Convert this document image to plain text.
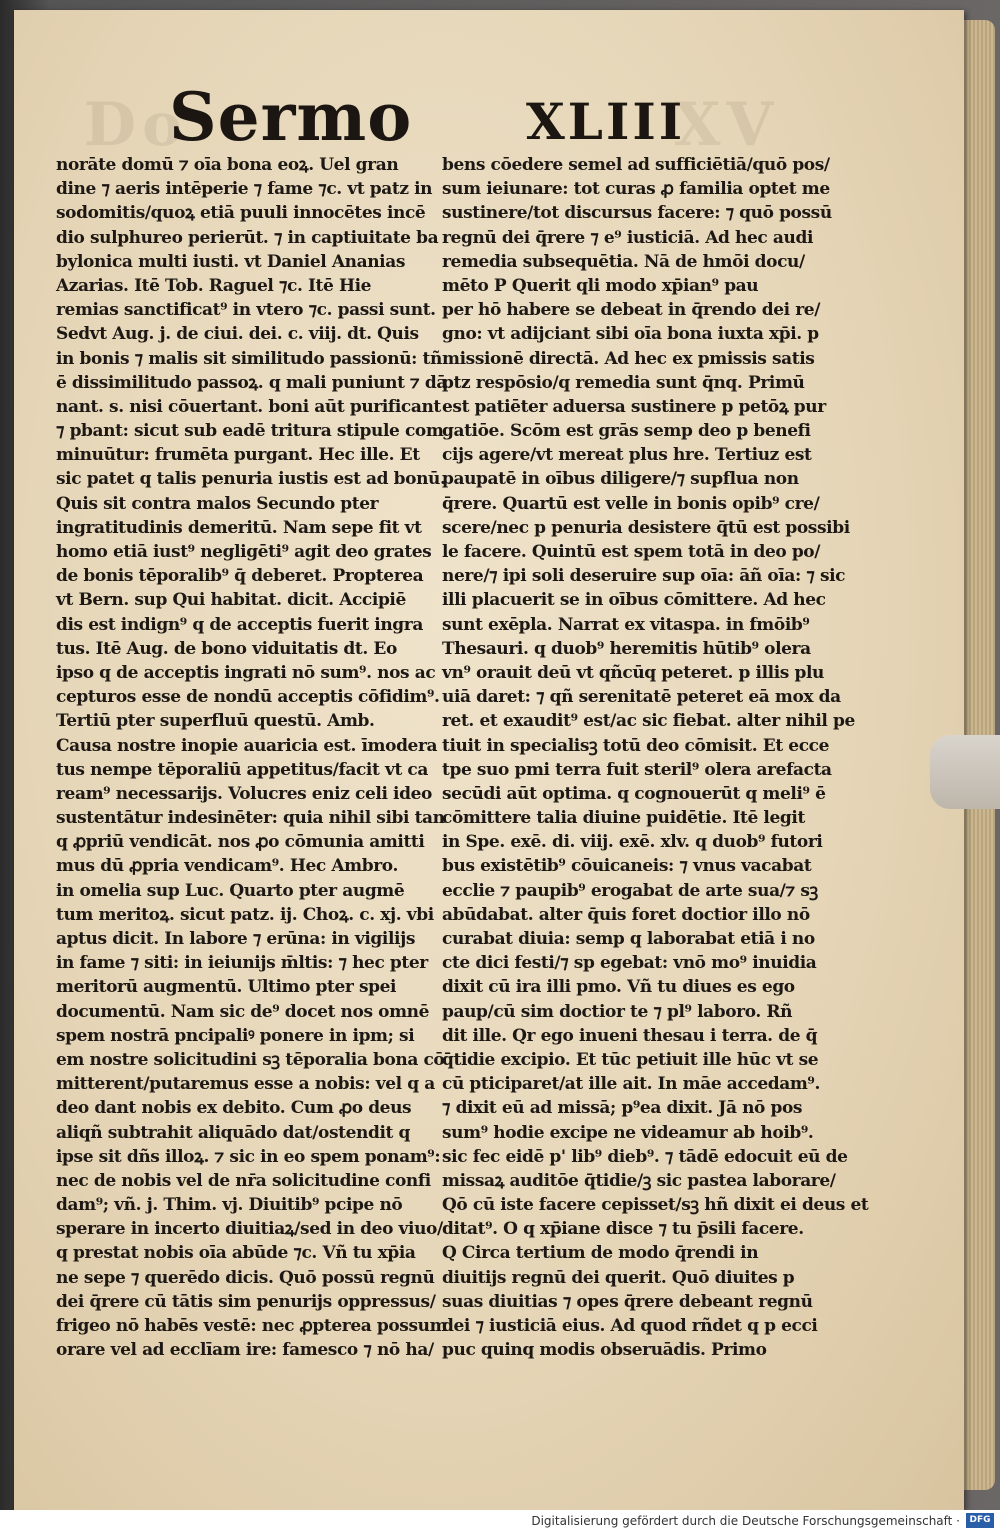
Do	XV
Sermo XLIII
norāte domū ⁊ oīa bona eoꝝ. Uel gran
dine ⁊ aeris intēperie ⁊ fame ⁊c. vt patz in
sodomitis/quoꝝ etiā puuli innocētes incē
dio sulphureo perierūt. ⁊ in captiuitate ba
bylonica multi iusti. vt Daniel Ananias
Azarias. Itē Tob. Raguel ⁊c. Itē Hie
remias sanctificat⁹ in vtero ⁊c. passi sunt.
Sedvt Aug. j. de ciui. dei. c. viij. dt. Quis
in bonis ⁊ malis sit similitudo passionū: tñ
ē dissimilitudo passoꝝ. q mali puniunt ⁊ dā
nant. s. nisi cōuertant. boni aūt purificant
⁊ pbant: sicut sub eadē tritura stipule com
minuūtur: frumēta purgant. Hec ille. Et
sic patet q talis penuria iustis est ad bonū.
Quis sit contra malos Secundo pter
ingratitudinis demeritū. Nam sepe fit vt
homo etiā iust⁹ negligēti⁹ agit deo grates
de bonis tēporalib⁹ q̄ deberet. Propterea
vt Bern. sup Qui habitat. dicit. Accipiē
dis est indign⁹ q de acceptis fuerit ingra
tus. Itē Aug. de bono viduitatis dt. Eo
ipso q de acceptis ingrati nō sum⁹. nos ac
cepturos esse de nondū acceptis cōfidim⁹.
Tertiū pter superfluū questū. Amb.
Causa nostre inopie auaricia est. īmodera
tus nempe tēporaliū appetitus/facit vt ca
ream⁹ necessarijs. Volucres eniz celi ideo
sustentātur indesinēter: quia nihil sibi tan
q ꝓpriū vendicāt. nos ꝓo cōmunia amitti
mus dū ꝓpria vendicam⁹. Hec Ambro.
in omelia sup Luc. Quarto pter augmē
tum meritoꝝ. sicut patz. ij. Choꝝ. c. xj. vbi
aptus dicit. In labore ⁊ erūna: in vigilijs
in fame ⁊ siti: in ieiunijs m̄ltis: ⁊ hec pter
meritorū augmentū. Ultimo pter spei
documentū. Nam sic de⁹ docet nos omnē
spem nostrā pncipaliꝰ ponere in ipm; si
em nostre solicitudini sꝫ tēporalia bona cō
mitterent/putaremus esse a nobis: vel q a
deo dant nobis ex debito. Cum ꝓo deus
aliqñ subtrahit aliquādo dat/ostendit q
ipse sit dñs illoꝝ. ⁊ sic in eo spem ponam⁹:
nec de nobis vel de nr̄a solicitudine confi
dam⁹; vñ. j. Thim. vj. Diuitib⁹ pcipe nō
sperare in incerto diuitiaꝝ/sed in deo viuo/
q prestat nobis oīa abūde ⁊c. Vñ tu xp̄ia
ne sepe ⁊ querēdo dicis. Quō possū regnū
dei q̄rere cū tātis sim penurijs oppressus/
frigeo nō habēs vestē: nec ꝓpterea possum
orare vel ad ecclīam ire: famesco ⁊ nō ha/
bens cōedere semel ad sufficiētiā/quō pos/
sum ieiunare: tot curas ꝓ familia optet me
sustinere/tot discursus facere: ⁊ quō possū
regnū dei q̄rere ⁊ e⁹ iusticiā. Ad hec audi
remedia subsequētia. Nā de hmōi docu/
mēto P Querit qli modo xp̄ian⁹ pau
per hō habere se debeat in q̄rendo dei re/
gno: vt adijciant sibi oīa bona iuxta xp̄i. p
missionē directā. Ad hec ex pmissis satis
ptz respōsio/q remedia sunt q̄nq. Primū
est patiēter aduersa sustinere p petōꝝ pur
gatiōe. Scōm est grās semp deo p benefi
cijs agere/vt mereat plus hre. Tertiuz est
paupatē in oībus diligere/⁊ supflua non
q̄rere. Quartū est velle in bonis opib⁹ cre/
scere/nec p penuria desistere q̄tū est possibi
le facere. Quintū est spem totā in deo po/
nere/⁊ ipi soli deseruire sup oīa: āñ oīa: ⁊ sic
illi placuerit se in oībus cōmittere. Ad hec
sunt exēpla. Narrat ex vitaspa. in fmōib⁹
Thesauri. q duob⁹ heremitis hūtib⁹ olera
vn⁹ orauit deū vt qñcūq peteret. p illis plu
uiā daret: ⁊ qñ serenitatē peteret eā mox da
ret. et exaudit⁹ est/ac sic fiebat. alter nihil pe
tiuit in specialisꝫ totū deo cōmisit. Et ecce
tpe suo pmi terra fuit steril⁹ olera arefacta
secūdi aūt optima. q cognouerūt q meli⁹ ē
cōmittere talia diuine puidētie. Itē legit
in Spe. exē. di. viij. exē. xlv. q duob⁹ futori
bus existētib⁹ cōuicaneis: ⁊ vnus vacabat
ecclie ⁊ paupib⁹ erogabat de arte sua/⁊ sꝫ
abūdabat. alter q̄uis foret doctior illo nō
curabat diuia: semp q laborabat etiā i no
cte dici festi/⁊ sp egebat: vnō mo⁹ inuidia
dixit cū ira illi pmo. Vñ tu diues es ego
paup/cū sim doctior te ⁊ pl⁹ laboro. Rñ
dit ille. Qr ego inueni thesau i terra. de q̄
q̄tidie excipio. Et tūc petiuit ille hūc vt se
cū pticiparet/at ille ait. In māe accedam⁹.
⁊ dixit eū ad missā; p⁹ea dixit. Jā nō pos
sum⁹ hodie excipe ne videamur ab hoib⁹.
sic fec eidē p' lib⁹ dieb⁹. ⁊ tādē edocuit eū de
missaꝝ auditōe q̄tidie/ꝫ sic pastea laborare/
Qō cū iste facere cepisset/sꝫ hñ dixit ei deus et
ditat⁹. O q xp̄iane disce ⁊ tu p̄sili facere.
Q Circa tertium de modo q̄rendi in
diuitijs regnū dei querit. Quō diuites p
suas diuitias ⁊ opes q̄rere debeant regnū
dei ⁊ iusticiā eius. Ad quod rñdet q p ecci
puc quinq modis obseruādis. Primo
Digitalisierung gefördert durch die Deutsche Forschungsgemeinschaft ·	DFG
